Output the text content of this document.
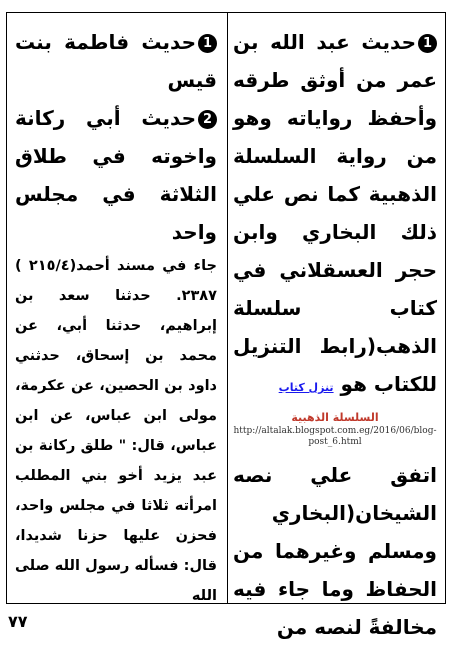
1حديث عبد الله بن عمر من أوثق طرقه وأحفظ رواياته وهو من رواية السلسلة الذهبية كما نص علي ذلك البخاري وابن حجر العسقلاني في كتاب سلسلة الذهب(رابط التنزيل للكتاب هو تنزل كتاب

السلسلة الذهبية

http://altalak.blogspot.com.eg/2016/06/blog-post_6.html

اتفق علي نصه الشيخان(البخاري ومسلم وغيرهما من الحفاظ وما جاء فيه مخالفةً لنصه من

1حديث فاطمة بنت قيس

2حديث أبي ركانة واخوته في طلاق الثلاثة في مجلس واحد

جاء في مسند أحمد(٢١٥/٤ ) ٢٣٨٧. حدثنا سعد بن إبراهيم، حدثنا أبي، عن محمد بن إسحاق، حدثني داود بن الحصين، عن عكرمة، مولى ابن عباس، عن ابن عباس، قال: " طلق ركانة بن عبد يزيد أخو بني المطلب امرأته ثلاثا في مجلس واحد، فحزن عليها حزنا شديدا، قال: فسأله رسول الله صلى الله

٧٧
